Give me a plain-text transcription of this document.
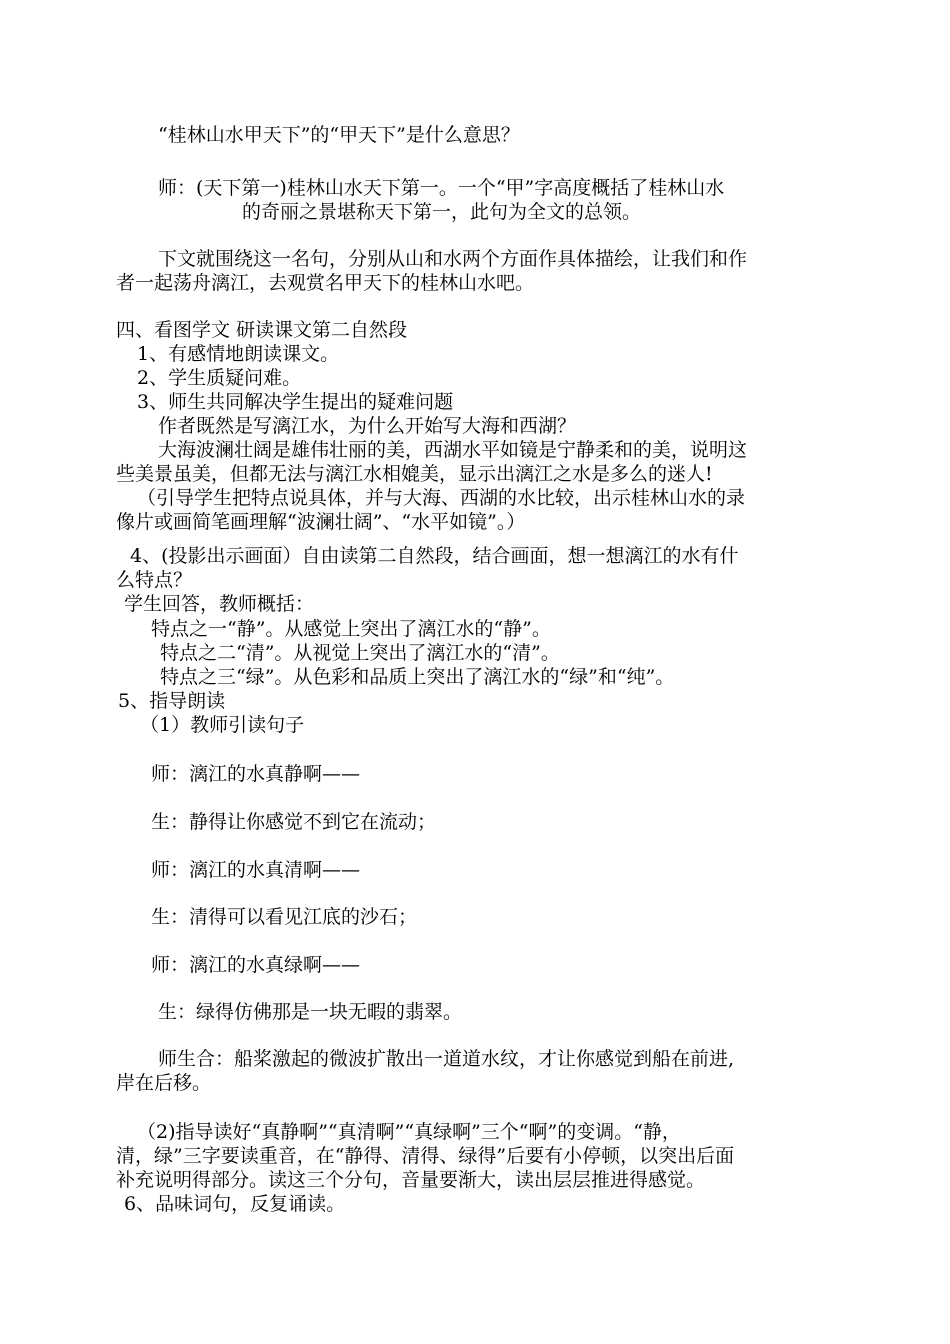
“桂林山水甲天下”的“甲天下”是什么意思？
师：(天下第一)桂林山水天下第一。一个“甲”字高度概括了桂林山水
的奇丽之景堪称天下第一，此句为全文的总领。
下文就围绕这一名句，分别从山和水两个方面作具体描绘，让我们和作
者一起荡舟漓江，去观赏名甲天下的桂林山水吧。
四、看图学文 研读课文第二自然段
1、有感情地朗读课文。
2、学生质疑问难。
3、师生共同解决学生提出的疑难问题
作者既然是写漓江水，为什么开始写大海和西湖？
大海波澜壮阔是雄伟壮丽的美，西湖水平如镜是宁静柔和的美，说明这
些美景虽美，但都无法与漓江水相媲美，显示出漓江之水是多么的迷人!
（引导学生把特点说具体，并与大海、西湖的水比较，出示桂林山水的录
像片或画简笔画理解“波澜壮阔”、“水平如镜”。）
4、(投影出示画面）自由读第二自然段，结合画面，想一想漓江的水有什
么特点？
学生回答，教师概括：
特点之一“静”。从感觉上突出了漓江水的“静”。
特点之二“清”。从视觉上突出了漓江水的“清”。
特点之三“绿”。从色彩和品质上突出了漓江水的“绿”和“纯”。
5、指导朗读
（1）教师引读句子
师：漓江的水真静啊——
生：静得让你感觉不到它在流动；
师：漓江的水真清啊——
生：清得可以看见江底的沙石；
师：漓江的水真绿啊——
生：绿得仿佛那是一块无暇的翡翠。
师生合：船桨激起的微波扩散出一道道水纹，才让你感觉到船在前进,
岸在后移。
（2)指导读好“真静啊”“真清啊”“真绿啊”三个“啊”的变调。“静，
清，绿”三字要读重音，在“静得、清得、绿得”后要有小停顿，以突出后面
补充说明得部分。读这三个分句，音量要渐大，读出层层推进得感觉。
6、品味词句，反复诵读。
